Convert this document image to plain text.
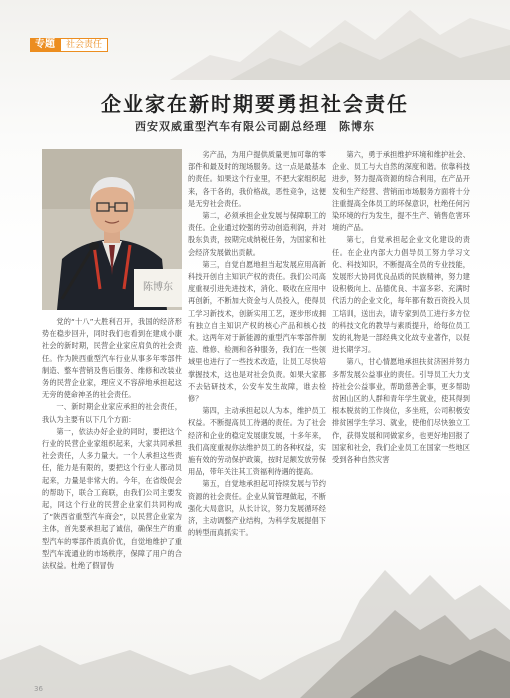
专题	社会责任
企业家在新时期要勇担社会责任
西安双威重型汽车有限公司副总经理　陈博东
陈博东

党的“十八”大胜利召开，我国的经济形势在稳步回升，同时我们也看到在建成小康社会的新时期，民营企业家应肩负的社会责任。作为陕西重型汽车行业从事多年零部件制造、整车营销及售后服务、维修和改装业务的民营企业家，理应义不容辞地承担起这无旁的使命神圣的社会责任。

一、新时期企业家应承担的社会责任，我认为主要有以下几个方面：

第一，依法办好企业的同时，要把这个行业的民营企业家组织起来，大家共同承担社会责任，人多力量大。一个人承担这些责任，能力是有限的，要把这个行业人都动员起来，力量是非常大的。今年，在省级促会的帮助下，联合工商联，由我们公司主要发起，同这个行业的民营企业家们共同构成了“陕西省重型汽车商会”，以民营企业家为主体，首先要承担起了诚信，确保生产的重型汽车的零部件质真价优，自觉地维护了重型汽车流通业的市场秩序，保障了用户的合法权益。杜绝了假冒伪

劣产品，为用户提供质量更加可靠的零部件和最及时的现场服务。这一点是最基本的责任。如果这个行业里，不把大家组织起来，各干各的，我价格战，恶性竞争，这便是无穷社会责任。

第二，必须承担企业发展与保障职工的责任。企业通过较强的劳动创造利润，并对股东负责，按期完成纳税任务，为国家和社会经济发展做出贡献。

第三，自觉自愿地担当起发展应用高新科技开创自主知识产权的责任。我们公司高度重视引进先进技术，消化、吸收在应用中再创新，不断加大资金与人员投入，使得员工学习新技术，创新实用工艺，逐步形成拥有独立自主知识产权的核心产品和核心技术。这两年对于新能源的重型汽车零部件制造、维修、检测和各种服务，我们在一些领域里也进行了一些技术改造，让员工尽快培掌握技术，这也是对社会负责。如果大家都不去钻研技术，公安车发生故障，谁去检修？

第四，主动承担起以人为本，维护员工权益。不断提高员工待遇的责任。为了社会经济和企业的稳定发展康发展，十多年来，我们高度重视你法维护员工的各种权益，实施有效的劳动保护政策，按时足额发放劳保用品，带年关注其工资福利待遇的提高。

第五，自觉地承担起可持续发展与节约资源的社会责任。企业从简管理做起，不断强化大局意识，从长计议，努力发展循环经济，主动调整产业结构，为科学发展提倡下的转型而真抓实干。

第六，勇于承担维护环境和维护社会、企业、员工与大自然的深度和谐。依靠科技进步，努力提高资源的综合利用，在产品开发和生产经营、营销而市场服务方面将十分注重提高全体员工的环保意识，杜绝任何污染环境的行为发生，提不生产、销售危害环境的产品。

第七，自觉承担起企业文化建设的责任。在企业内部大力倡导员工努力学习文化、科技知识，不断提高全员的专业技能，发展形大协同优良品质的民族精神，努力建设积极向上、品德优良、丰富多彩、充满时代活力的企业文化，每年都有数百资投入员工培训，送出去，请专家到员工进行多方位的科技文化的教导与素质提升，给每位员工发的礼物是一部经典文化故专业著作，以促进长期学习。

第八，甘心情愿地承担扶贫济困并努力多帮发展公益事业的责任。引导员工大力支持社会公益事业，帮助慈善企事，更多帮助贫困山区的人群和青年学生就业，使其得到根本脱贫的工作岗位，多坐班，公司积极安排贫困学生学习、就业，使他们尽快独立工作，获得发展和同做家乡，也更好地回报了国家和社会，我们企业员工在国家一些地区受到各种自然灾害

36
